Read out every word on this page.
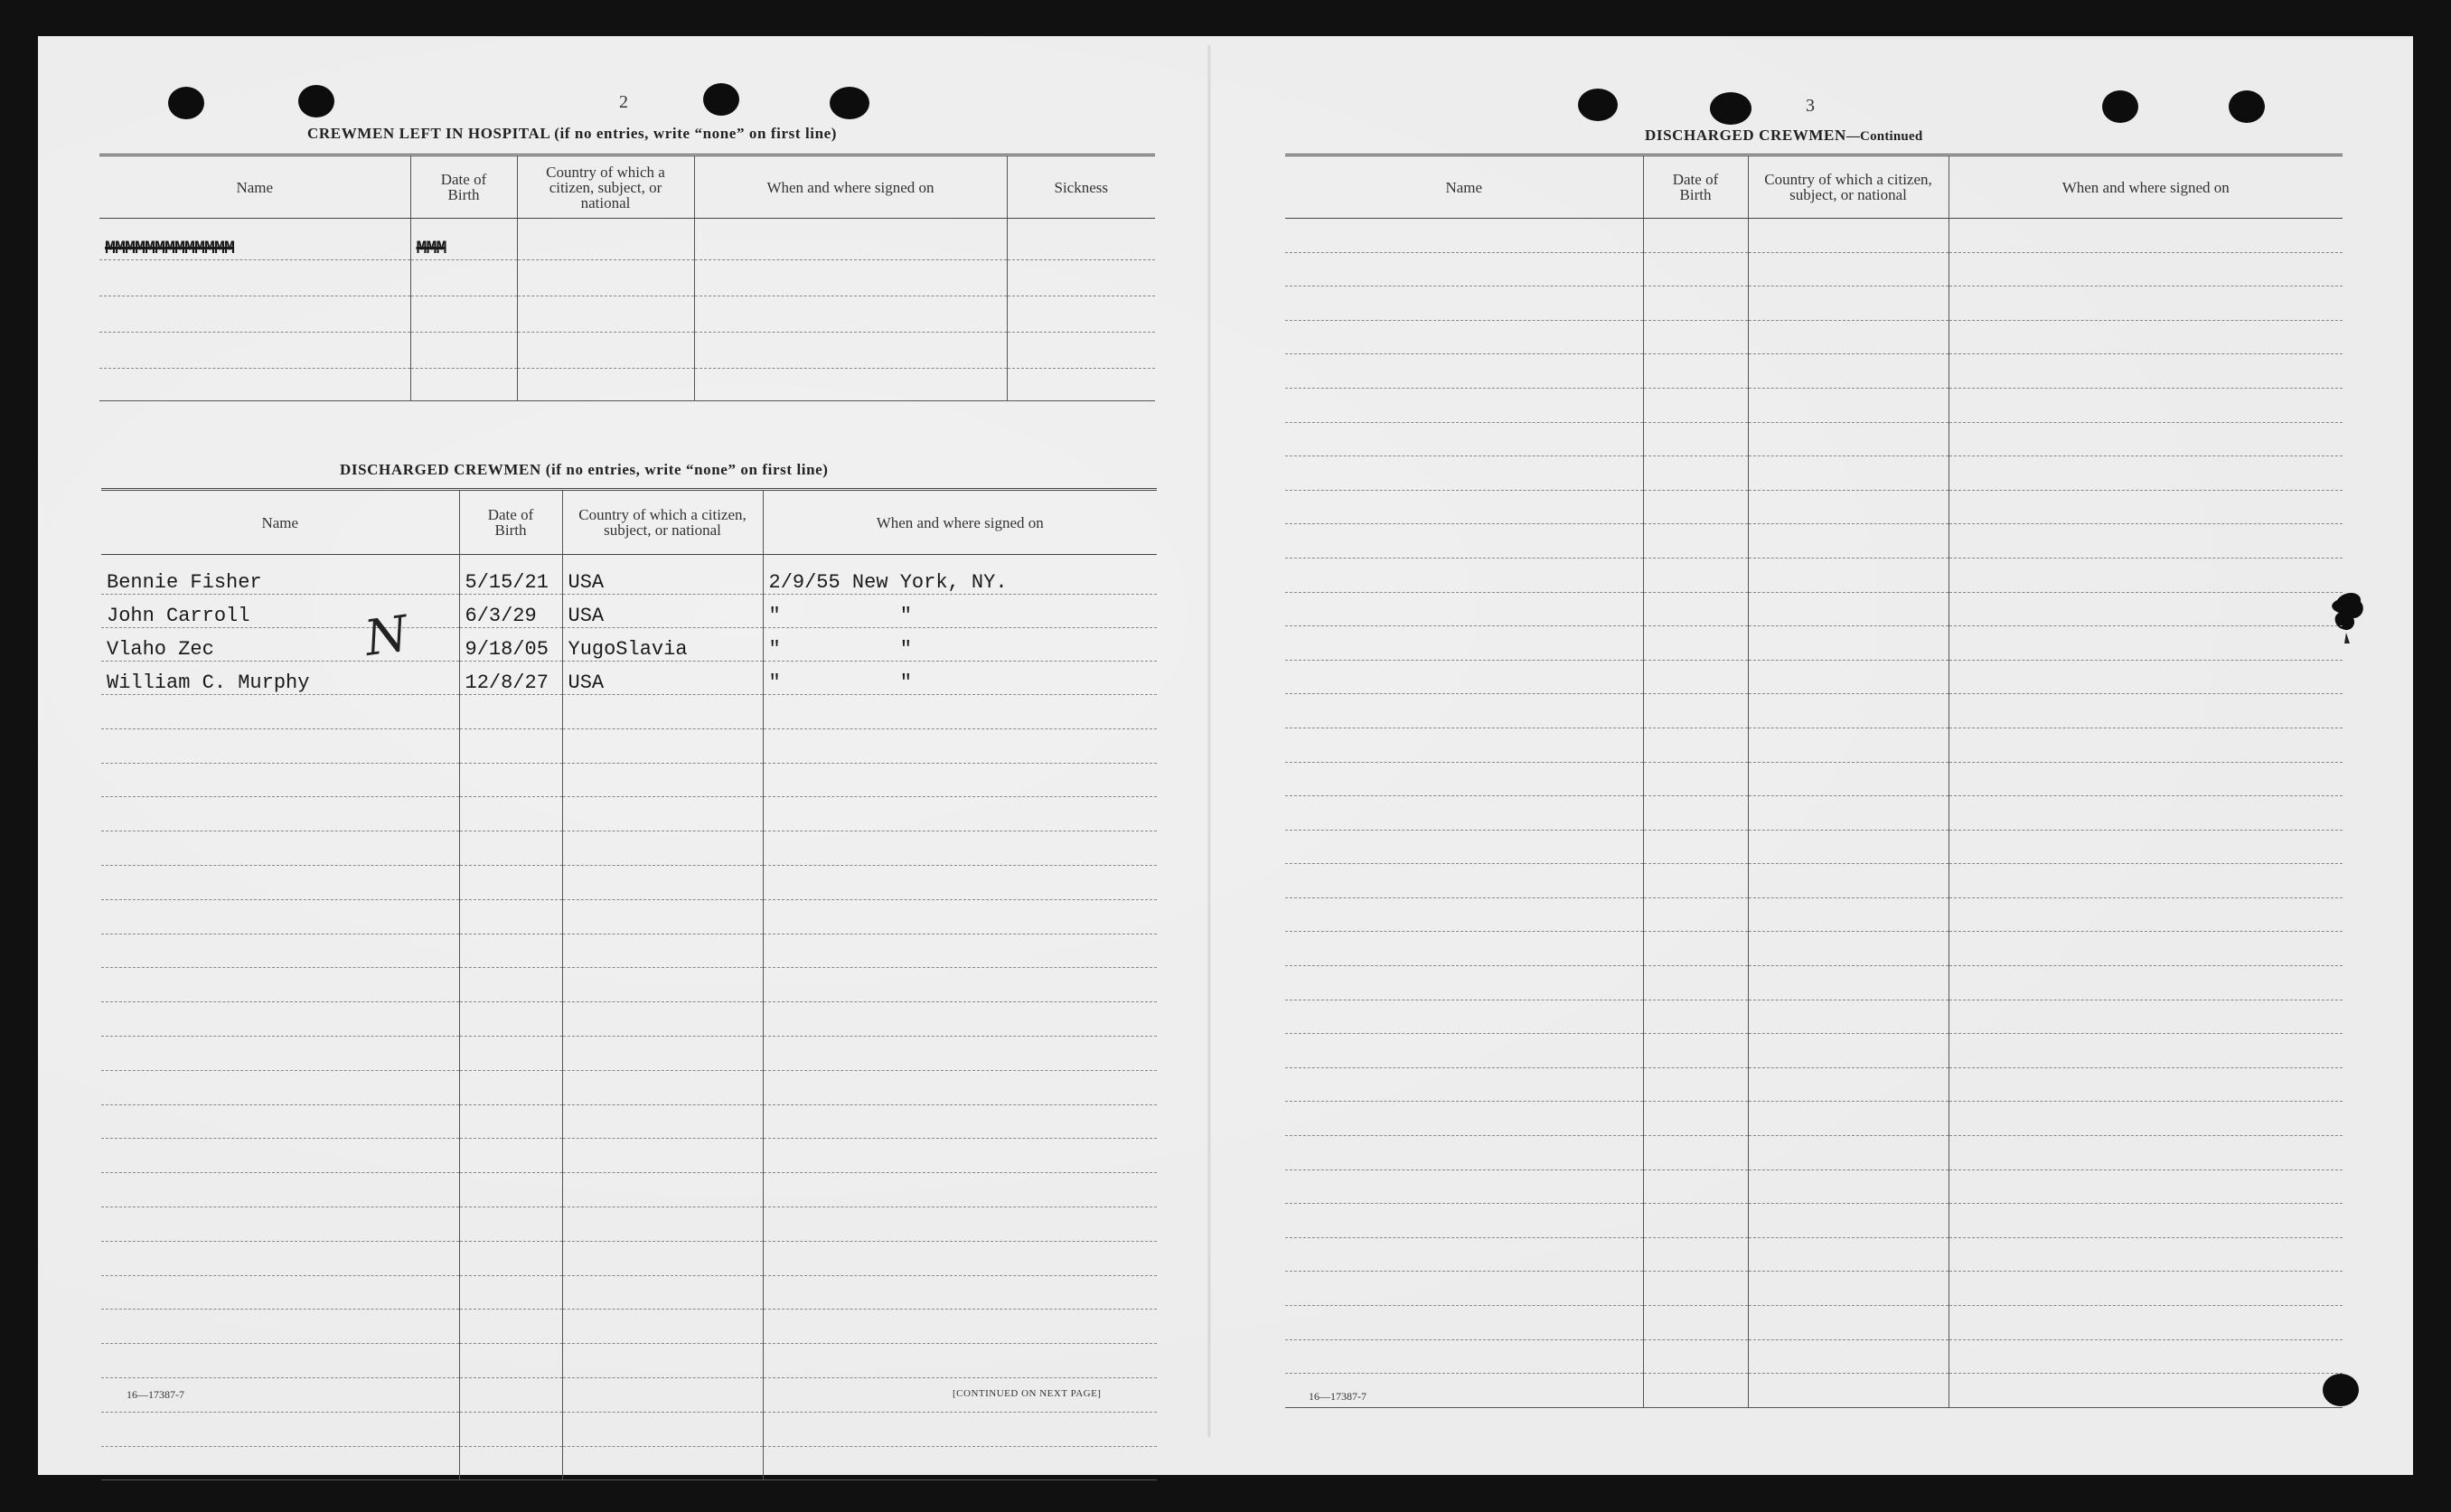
2
CREWMEN LEFT IN HOSPITAL (if no entries, write “none” on first line)
Name	Date of Birth	Country of which a citizen, subject, or national	When and where signed on	Sickness
MMMMMMMMMMMMM	MMM			

DISCHARGED CREWMEN (if no entries, write “none” on first line)
Name	Date of Birth	Country of which a citizen, subject, or national	When and where signed on
Bennie Fisher	5/15/21	USA	2/9/55 New York, NY.
John Carroll	6/3/29	USA	"          "
Vlaho Zec	9/18/05	YugoSlavia	"          "
William C. Murphy	12/8/27	USA	"          "

N
16—17387-7	[CONTINUED ON NEXT PAGE]
3
DISCHARGED CREWMEN—Continued
Name	Date of Birth	Country of which a citizen, subject, or national	When and where signed on

16—17387-7
